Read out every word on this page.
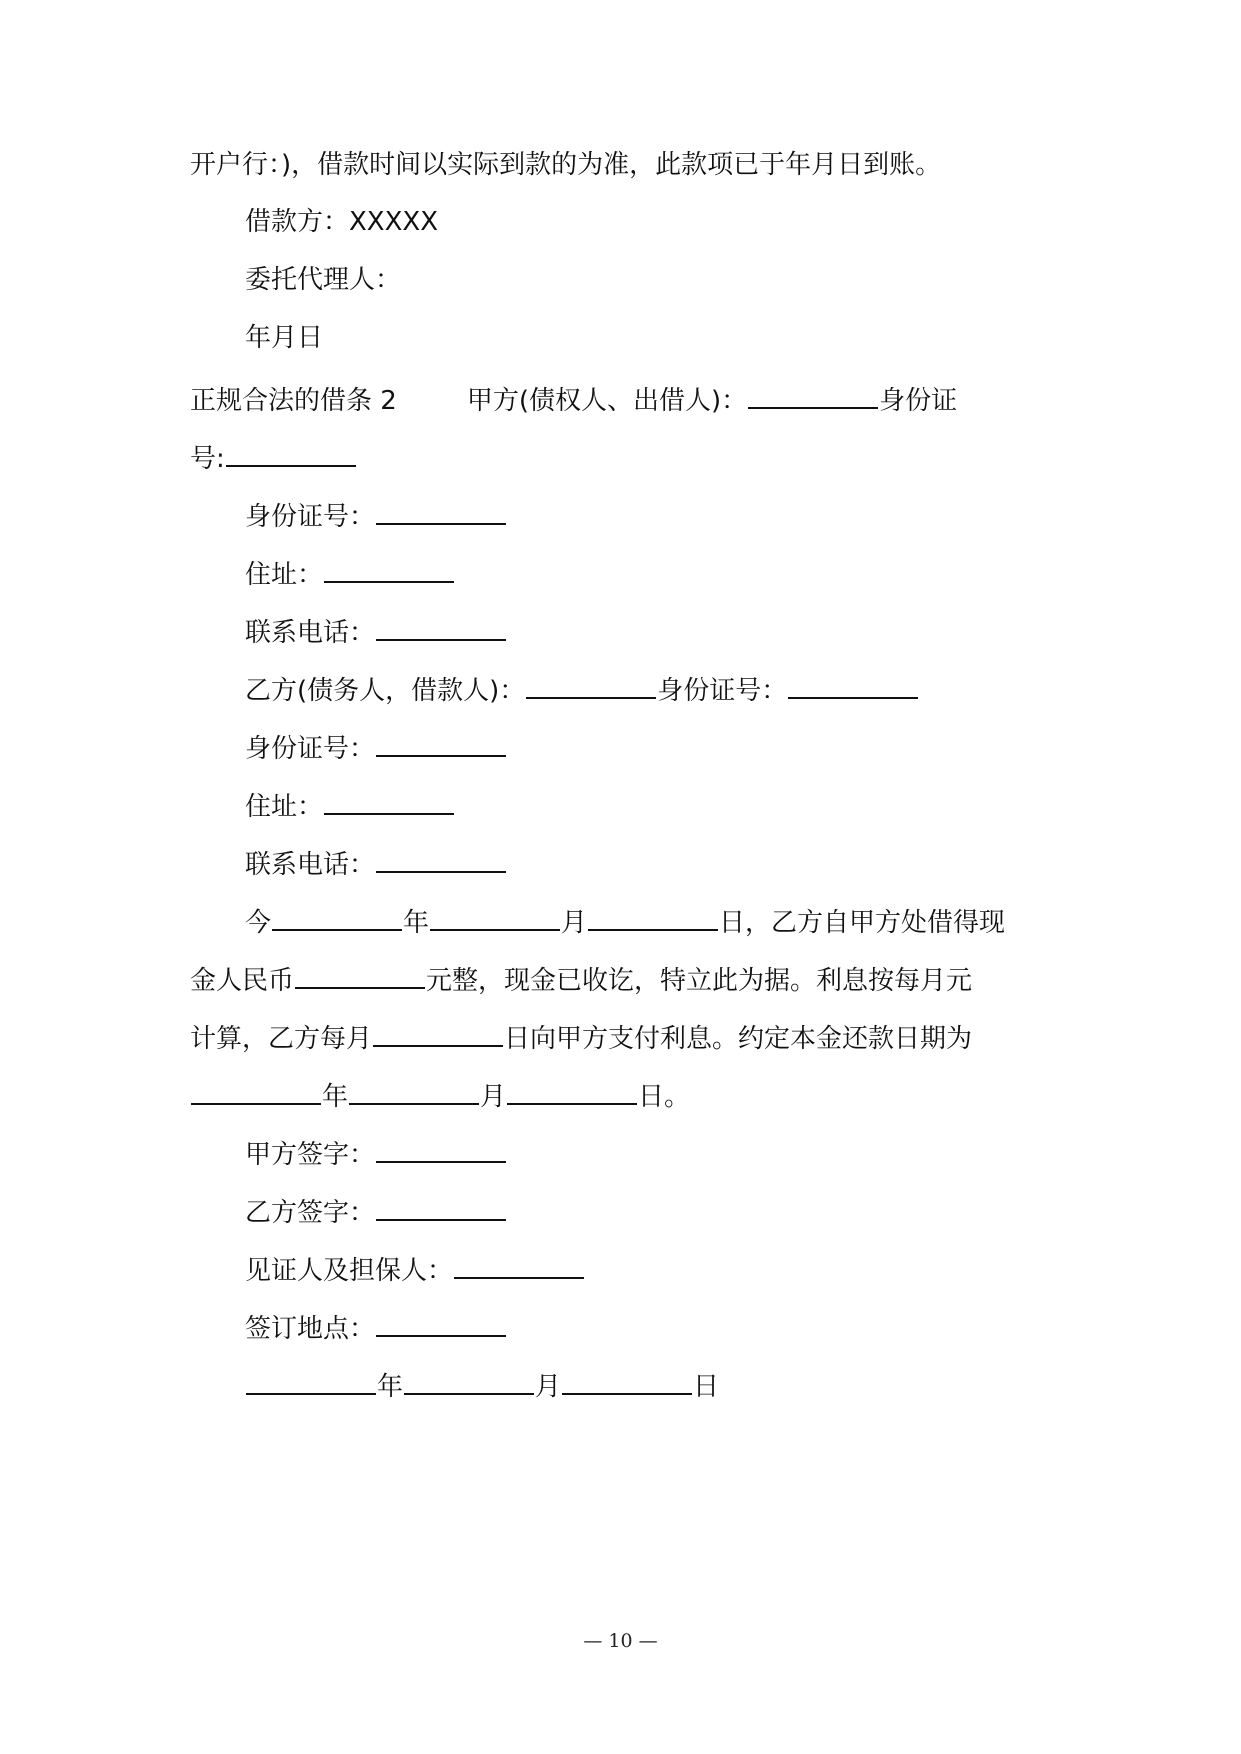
开户行：)，借款时间以实际到款的为准，此款项已于年月日到账。
借款方：XXXXX
委托代理人：
年月日
正规合法的借条 2	甲方(债权人、出借人)：	身份证
号:
身份证号：
住址：
联系电话：
乙方(债务人，借款人)：	身份证号：
身份证号：
住址：
联系电话：
今	年	月	日，乙方自甲方处借得现
金人民币	元整，现金已收讫，特立此为据。利息按每月元
计算，乙方每月	日向甲方支付利息。约定本金还款日期为
年	月	日。
甲方签字：
乙方签字：
见证人及担保人：
签订地点：
年	月	日
— 10 —
